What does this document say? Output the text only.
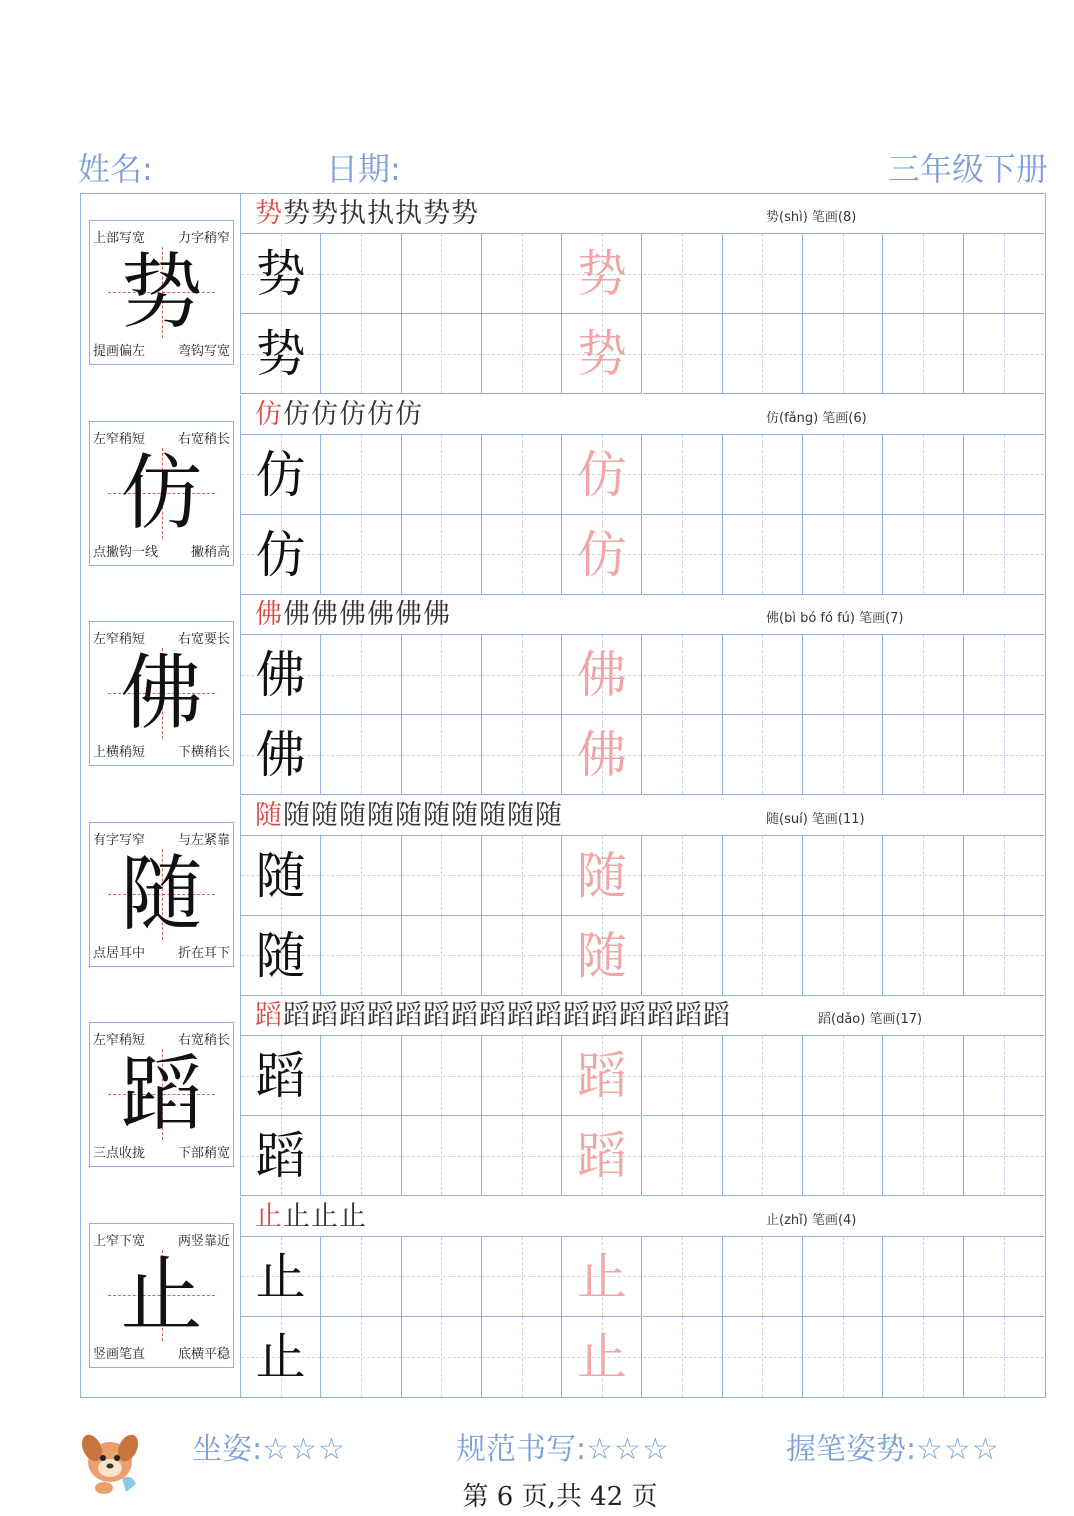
姓名:	日期:	三年级下册
势
上部写宽	力字稍窄
提画偏左	弯钩写宽
势势势执执执势势	势(shì) 笔画(8)
势	势
势	势
仿
左窄稍短	右宽稍长
点撇钩一线	撇稍高
仿仿仿仿仿仿	仿(fǎng) 笔画(6)
仿	仿
仿	仿
佛
左窄稍短	右宽要长
上横稍短	下横稍长
佛佛佛佛佛佛佛	佛(bì bó fó fú) 笔画(7)
佛	佛
佛	佛
随
有字写窄	与左紧靠
点居耳中	折在耳下
随随随随随随随随随随随	随(suí) 笔画(11)
随	随
随	随
蹈
左窄稍短	右宽稍长
三点收拢	下部稍宽
蹈蹈蹈蹈蹈蹈蹈蹈蹈蹈蹈蹈蹈蹈蹈蹈蹈	蹈(dǎo) 笔画(17)
蹈	蹈
蹈	蹈
止
上窄下宽	两竖靠近
竖画笔直	底横平稳
止止止止	止(zhǐ) 笔画(4)
止	止
止	止
坐姿:☆☆☆	规范书写:☆☆☆	握笔姿势:☆☆☆
第 6 页,共 42 页
